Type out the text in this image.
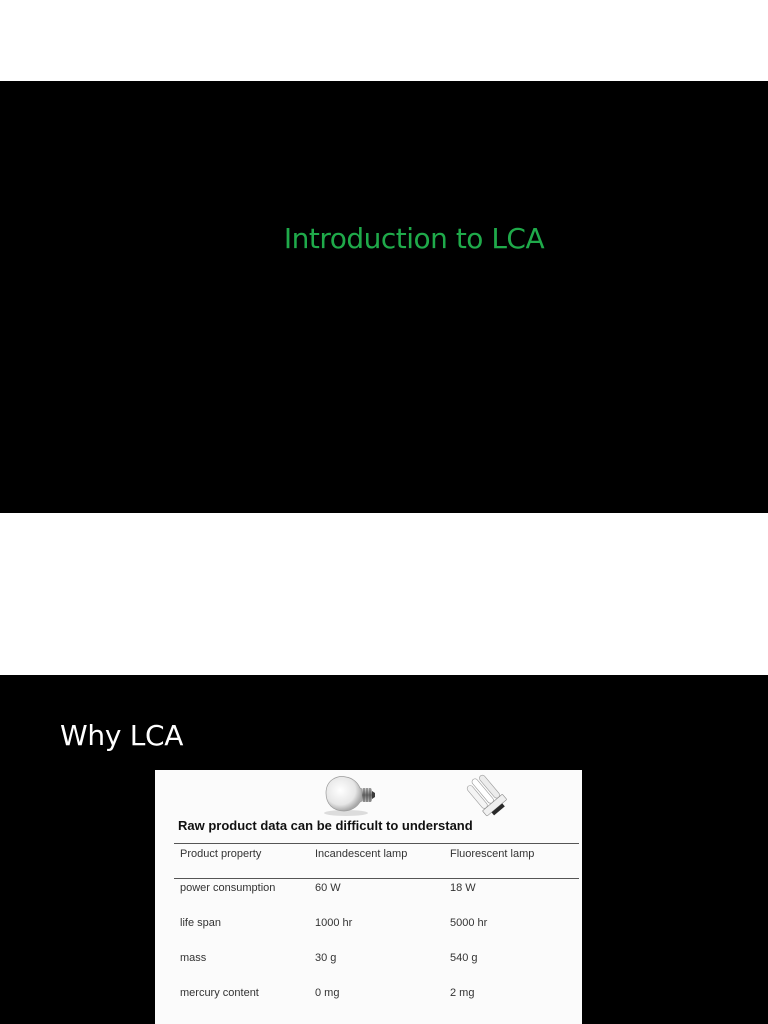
Introduction to LCA
Why LCA
Raw product data can be difficult to understand
Product property	Incandescent lamp	Fluorescent lamp
power consumption	60 W	18 W
life span	1000 hr	5000 hr
mass	30 g	540 g
mercury content	0 mg	2 mg
